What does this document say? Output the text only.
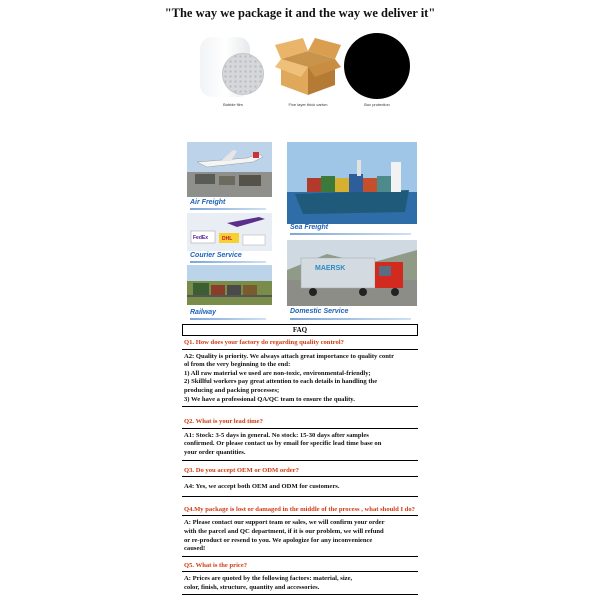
"The way we package it and the way we deliver it"
Bubble film	Five layer thick carton	Box protection
Air Freight
Sea Freight
FedEx	DHL
Courier Service
Railway
MAERSK
Domestic Service
FAQ
Q1. How does your factory do regarding quality control?
A2: Quality is priority. We always attach great importance to quality contr
ol from the very beginning to the end:
1) All raw material we used are non-toxic, environmental-friendly;
2) Skillful workers pay great attention to each details in handling the
producing and packing processes;
3) We have a professional QA/QC team to ensure the quality.
Q2. What is your lead time?
A1: Stock: 3-5 days in general. No stock: 15-30 days after samples
confirmed. Or please contact us by email for specific lead time base on
your order quantities.
Q3. Do you accept OEM or ODM order?
A4: Yes, we accept both OEM and ODM for customers.
Q4.My package is lost or damaged in the middle of the process , what should I do?
A: Please contact our support team or sales, we will confirm your order
with the parcel and QC department, if it is our problem, we will refund
or re-product or resend to you. We apologize for any inconvenience
caused!
Q5. What is the price?
A: Prices are quoted by the following factors: material, size,
color, finish, structure, quantity and accessories.
